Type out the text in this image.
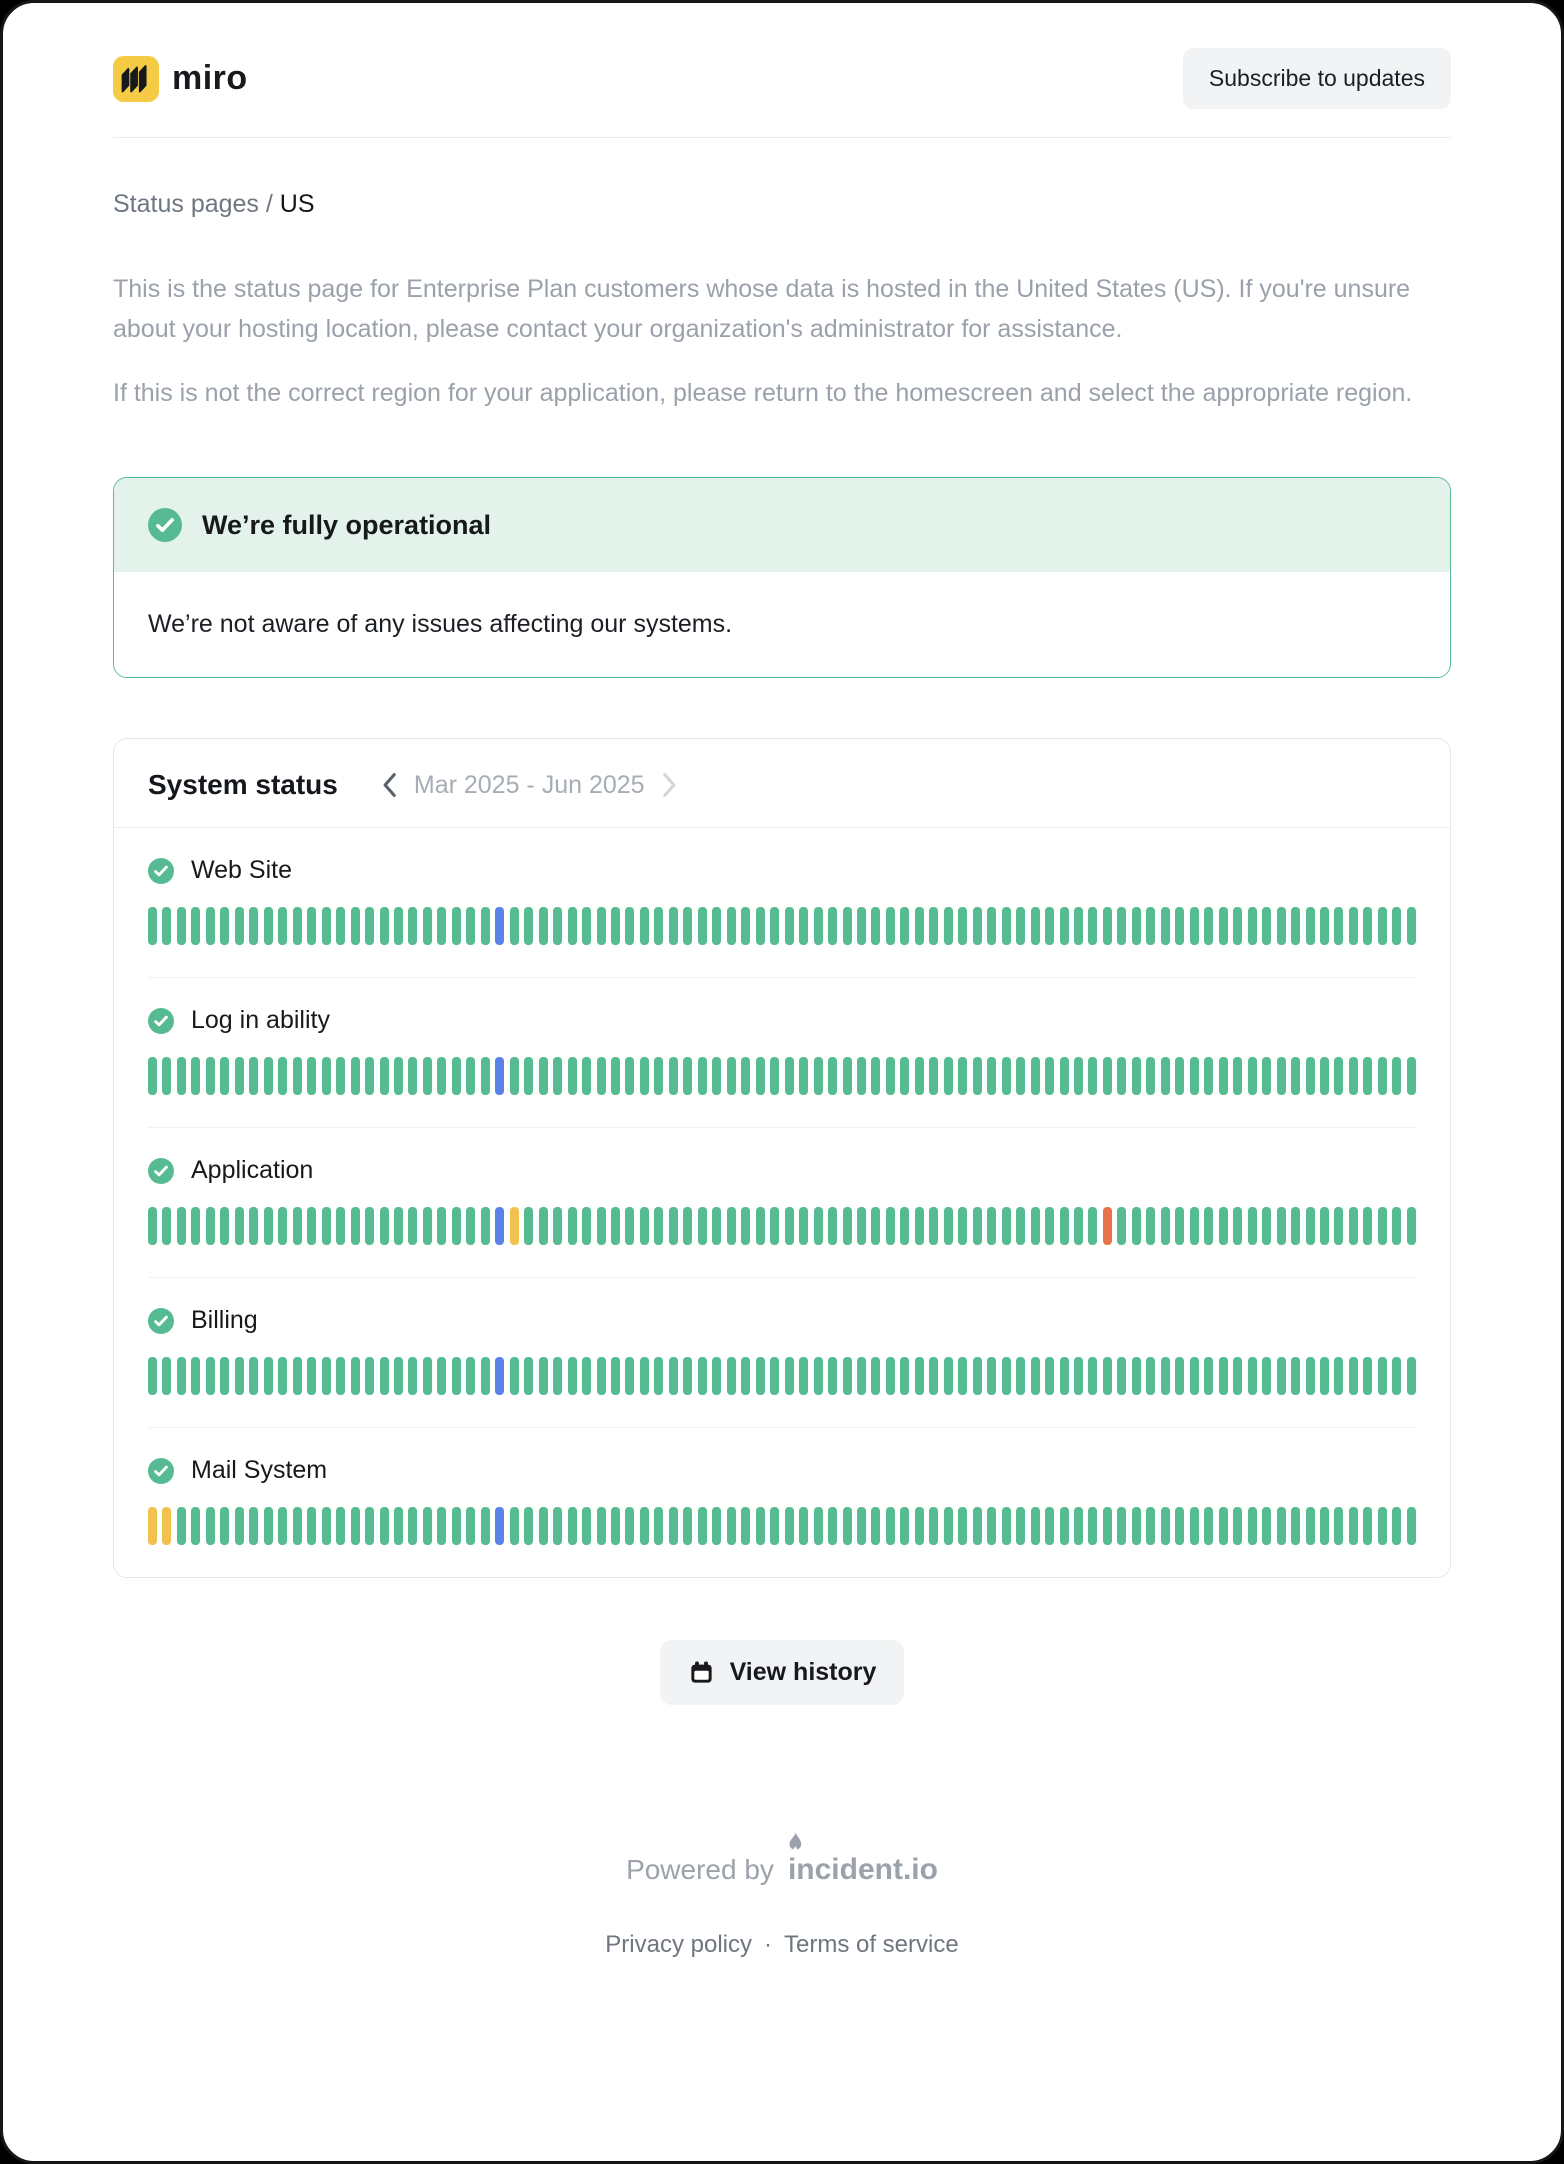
miro	Subscribe to updates
Status pages / US

This is the status page for Enterprise Plan customers whose data is hosted in the United States (US). If you're unsure about your hosting location, please contact your organization's administrator for assistance.

If this is not the correct region for your application, please return to the homescreen and select the appropriate region.

We’re fully operational
We’re not aware of any issues affecting our systems.
System status	Mar 2025 - Jun 2025
Web Site
Log in ability
Application
Billing
Mail System
View history
Powered by incident.io
Privacy policy · Terms of service
